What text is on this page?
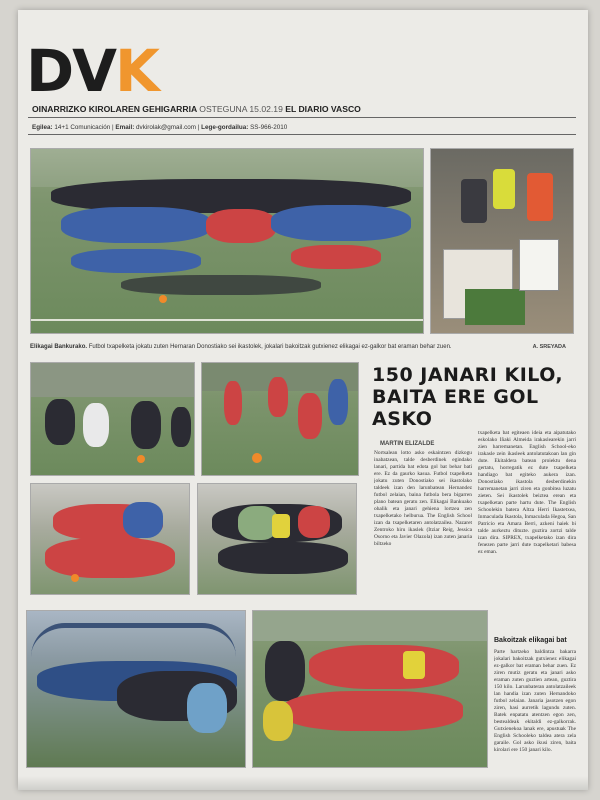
DVK
OINARRIZKO KIROLAREN GEHIGARRIA OSTEGUNA 15.02.19 EL DIARIO VASCO
Egilea: 14+1 Comunicación | Email: dvkirolak@gmail.com | Lege-gordailua: SS-966-2010
Elikagai Bankurako. Futbol txapelketa jokatu zuten Hernaran Donostiako sei ikastolek, jokalari bakoitzak gutxienez elikagai ez-galkor bat eraman behar zuen.	A. SREYADA
150 JANARI KILO, BAITA ERE GOL ASKO
MARTIN ELIZALDE
Nortsalean lotto asko eskaintzen dizkogu inabatzean, talde desberdinek egindako lanari, partida bat edota gol bat behar bati ere. Ez da gaurko kasua. Futbol txapelketa jokatu zuten Donostiako sei ikastolako taldeek izan den larunbatean Hernandez futbol zelaian, baina futbola bera bigarren plano batean geratu zen. Elikagai Bankuako ohalik eta janari gehiena lortzea zen txapelketako helburua. The English School izan da txapelketaren antolatzailea. Nazaret Zentroko hiru ikaslek (Itziar Reig, Jessica Osorno eta Javier Olazola) izan zuten janaria biltzeko
txapelketa bat egiteaen ideia eta aipatutako eskolako Iñaki Almeida irakaslearekin jarri zien harremanetan. English School-eko irakasle zein ikasleek antolatutakoan lan gin dute. Ekitaldera batean proiektu dena gertatu, horregatik ez dute txapelketa handiago bat egiteko aukera izan. Donostiako ikastola desberdinekin harremanetan jarri ziren eta gonbitea luzatu zieten. Sei ikastolek beiztea erean eta txapelketan parte hartu dute. The English Schoolekin batera Altza Herri Ikastetxea, Inmaculada Ikastola, Inmaculada Hegoa, San Patricio eta Amara Berri, azkeni haiek bi talde aurkeztu dituzte. guztira zortzi talde izan dira. SIPREX, txapelketako izan dira fenezen parte jarri dute txapelketari babesa ez eman.
Bakoitzak elikagai bat
Parte hartzeko baldintza bakarra jokalari bakoitzak gutxienez elikagai ez-galkor bat eraman behar zuen. Ez ziren mutiz geratu eta janari asko eraman zuten guztien artean, guztira 150 kilo. Larunbateran antolatzaileek lan handia izan zuten Hernandoko futbol zelaian. Janaria jasotzen egon ziren, hasi aurretik lagundu zuten. Batek enpatatu atentzen egon zen, bestealdeak ekitaldi ez-galkorrak. Gutxienekoa lanak ere, apustuak The English Schooleko taldea atera zela garaile. Gol asko ikusi ziren, baita kirolari ere 150 janari kilo.
